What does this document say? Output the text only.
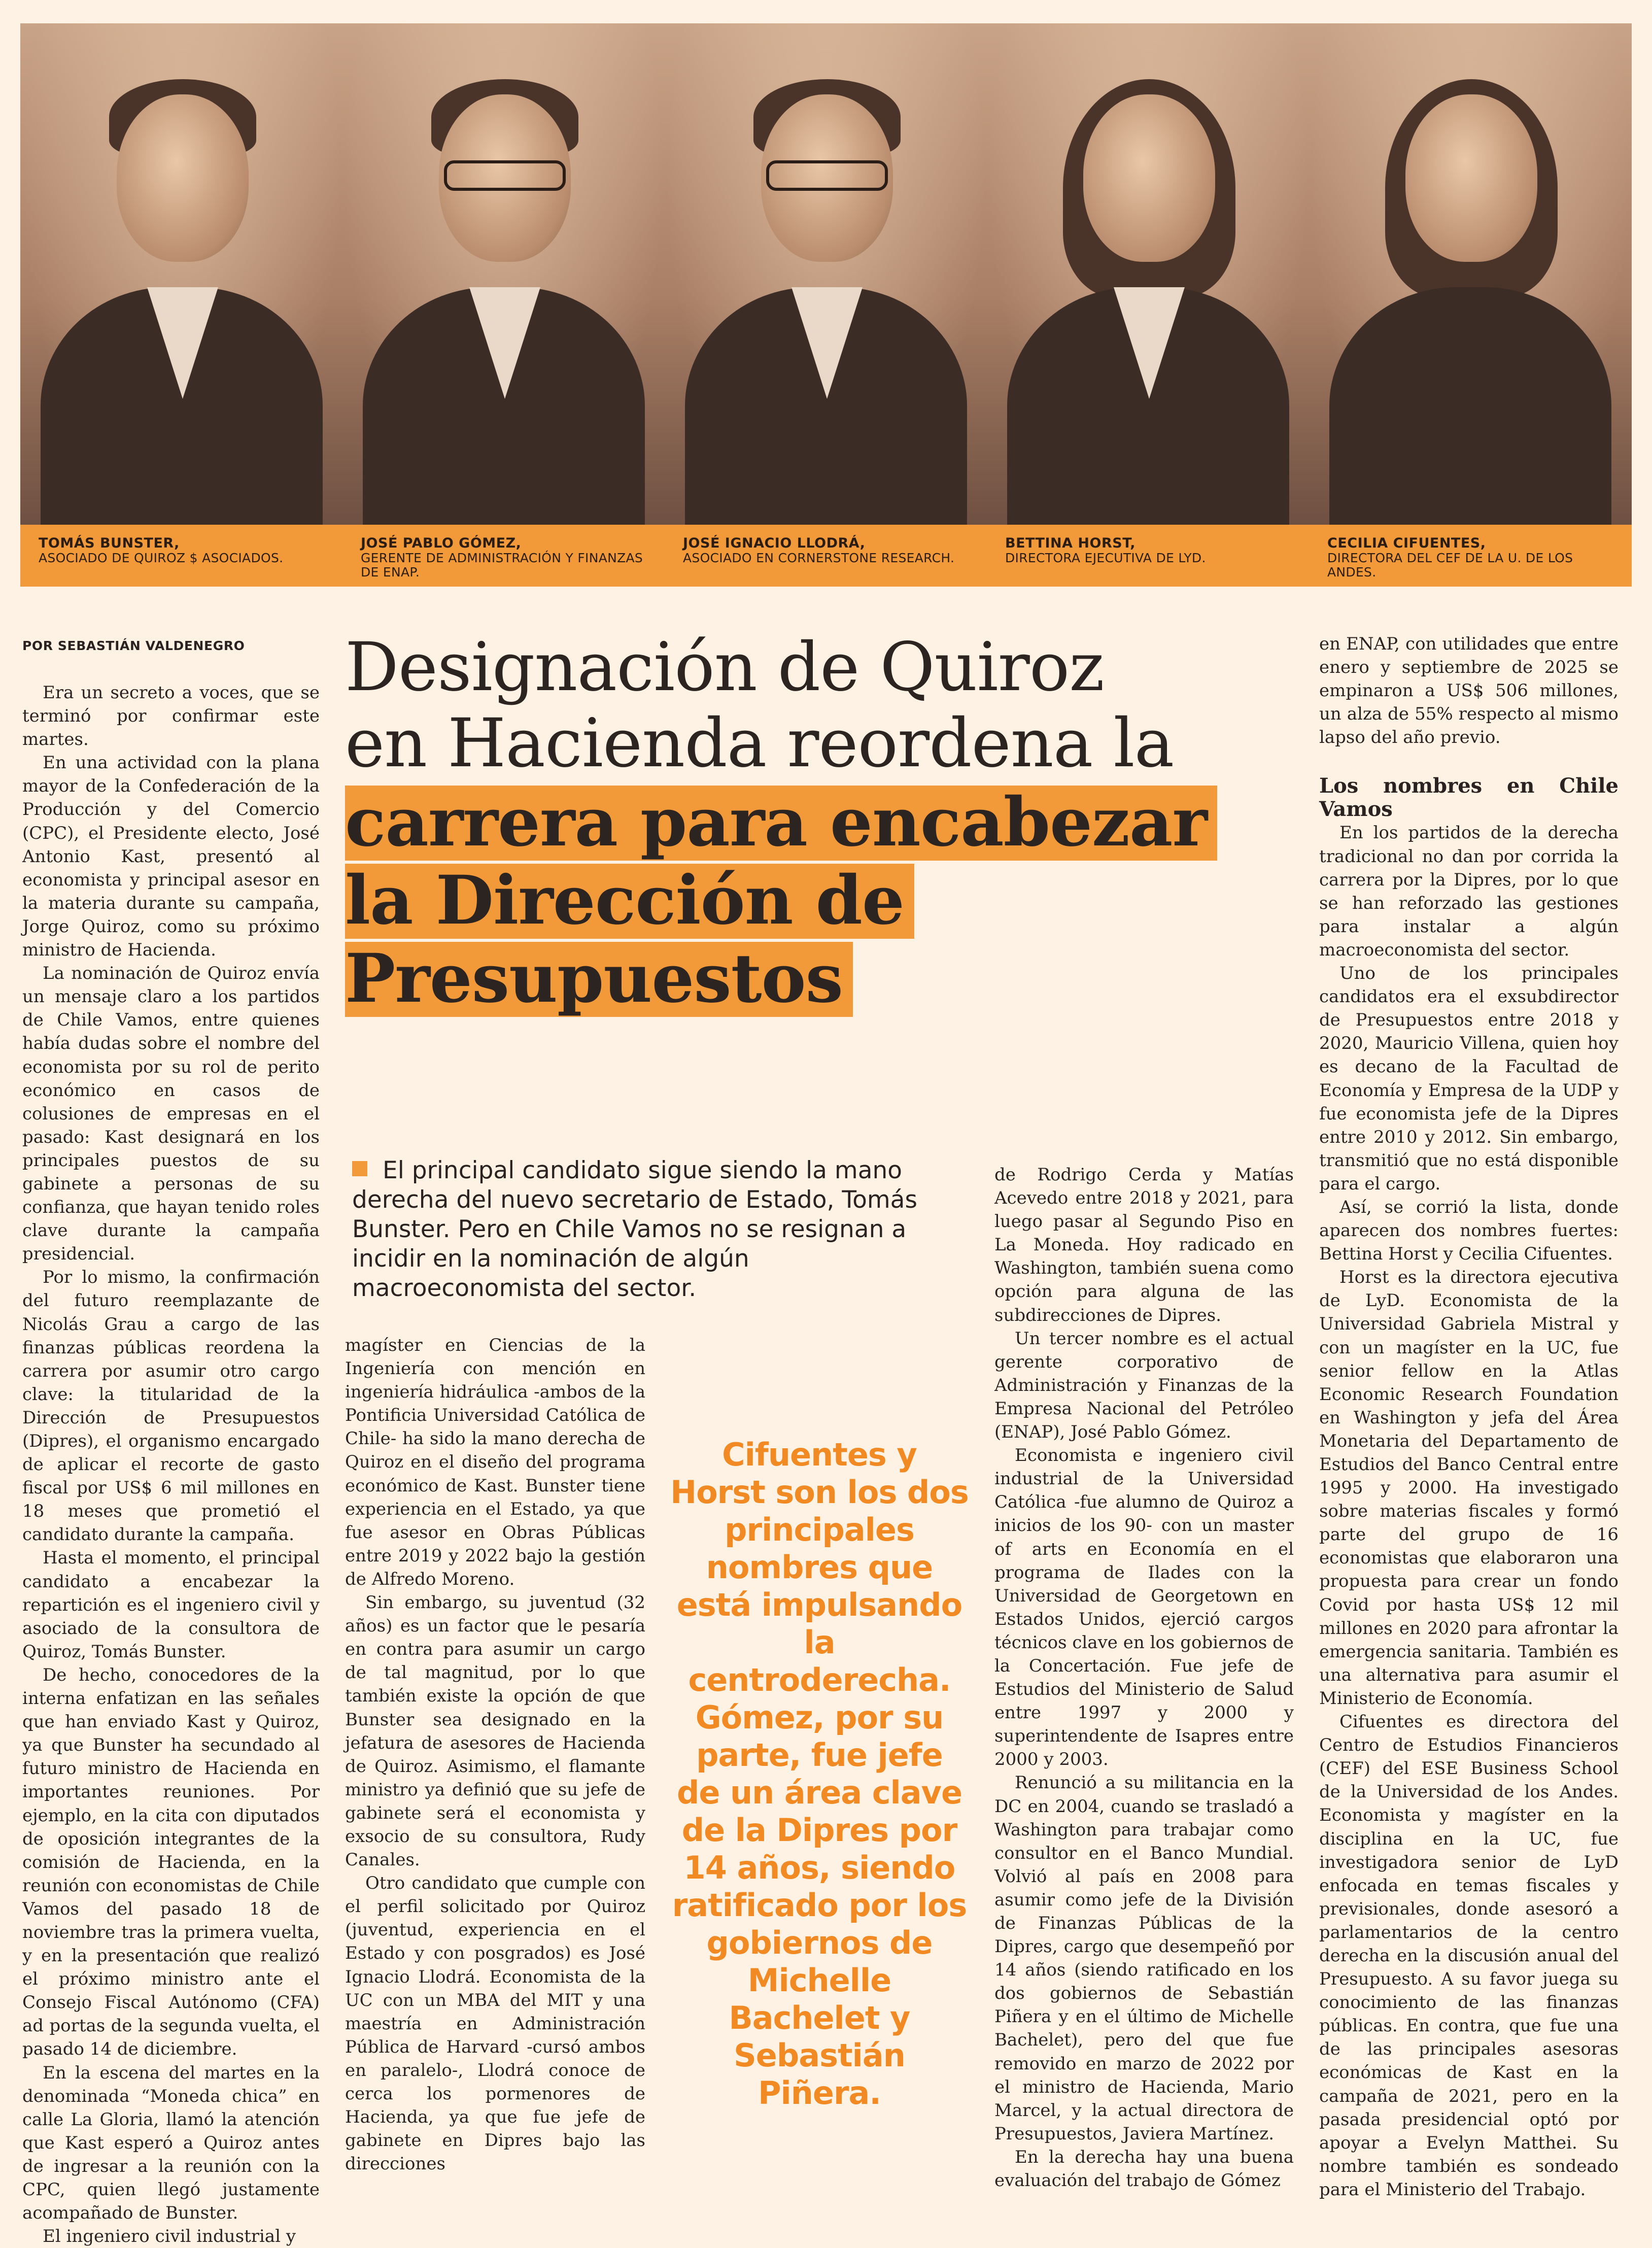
TOMÁS BUNSTER,
ASOCIADO DE QUIROZ $ ASOCIADOS.
JOSÉ PABLO GÓMEZ,
GERENTE DE ADMINISTRACIÓN Y FINANZAS DE ENAP.
JOSÉ IGNACIO LLODRÁ,
ASOCIADO EN CORNERSTONE RESEARCH.
BETTINA HORST,
DIRECTORA EJECUTIVA DE LYD.
CECILIA CIFUENTES,
DIRECTORA DEL CEF DE LA U. DE LOS ANDES.
POR SEBASTIÁN VALDENEGRO

Era un secreto a voces, que se terminó por confirmar este martes.

En una actividad con la plana mayor de la Confederación de la Producción y del Comercio (CPC), el Presidente electo, José Antonio Kast, presentó al economista y principal asesor en la materia durante su campaña, Jorge Quiroz, como su próximo ministro de Hacienda.

La nominación de Quiroz envía un mensaje claro a los partidos de Chile Vamos, entre quienes había dudas sobre el nombre del economista por su rol de perito económico en casos de colusiones de empresas en el pasado: Kast designará en los principales puestos de su gabinete a personas de su confianza, que hayan tenido roles clave durante la campaña presidencial.

Por lo mismo, la confirmación del futuro reemplazante de Nicolás Grau a cargo de las finanzas públicas reordena la carrera por asumir otro cargo clave: la titularidad de la Dirección de Presupuestos (Dipres), el organismo encargado de aplicar el recorte de gasto fiscal por US$ 6 mil millones en 18 meses que prometió el candidato durante la campaña.

Hasta el momento, el principal candidato a encabezar la repartición es el ingeniero civil y asociado de la consultora de Quiroz, Tomás Bunster.

De hecho, conocedores de la interna enfatizan en las señales que han enviado Kast y Quiroz, ya que Bunster ha secundado al futuro ministro de Hacienda en importantes reuniones. Por ejemplo, en la cita con diputados de oposición integrantes de la comisión de Hacienda, en la reunión con economistas de Chile Vamos del pasado 18 de noviembre tras la primera vuelta, y en la presentación que realizó el próximo ministro ante el Consejo Fiscal Autónomo (CFA) ad portas de la segunda vuelta, el pasado 14 de diciembre.

En la escena del martes en la denominada “Moneda chica” en calle La Gloria, llamó la atención que Kast esperó a Quiroz antes de ingresar a la reunión con la CPC, quien llegó justamente acompañado de Bunster.

El ingeniero civil industrial y

Designación de Quiroz
en Hacienda reordena la
carrera para encabezar
la Dirección de
Presupuestos
El principal candidato sigue siendo la mano derecha del nuevo secretario de Estado, Tomás Bunster. Pero en Chile Vamos no se resignan a incidir en la nominación de algún macroeconomista del sector.

magíster en Ciencias de la Ingeniería con mención en ingeniería hidráulica -ambos de la Pontificia Universidad Católica de Chile- ha sido la mano derecha de Quiroz en el diseño del programa económico de Kast. Bunster tiene experiencia en el Estado, ya que fue asesor en Obras Públicas entre 2019 y 2022 bajo la gestión de Alfredo Moreno.

Sin embargo, su juventud (32 años) es un factor que le pesaría en contra para asumir un cargo de tal magnitud, por lo que también existe la opción de que Bunster sea designado en la jefatura de asesores de Hacienda de Quiroz. Asimismo, el flamante ministro ya definió que su jefe de gabinete será el economista y exsocio de su consultora, Rudy Canales.

Otro candidato que cumple con el perfil solicitado por Quiroz (juventud, experiencia en el Estado y con posgrados) es José Ignacio Llodrá. Economista de la UC con un MBA del MIT y una maestría en Administración Pública de Harvard -cursó ambos en paralelo-, Llodrá conoce de cerca los pormenores de Hacienda, ya que fue jefe de gabinete en Dipres bajo las direcciones

Cifuentes y Horst son los dos principales nombres que está impulsando la centroderecha. Gómez, por su parte, fue jefe de un área clave de la Dipres por 14 años, siendo ratificado por los gobiernos de Michelle Bachelet y Sebastián Piñera.

de Rodrigo Cerda y Matías Acevedo entre 2018 y 2021, para luego pasar al Segundo Piso en La Moneda. Hoy radicado en Washington, también suena como opción para alguna de las subdirecciones de Dipres.

Un tercer nombre es el actual gerente corporativo de Administración y Finanzas de la Empresa Nacional del Petróleo (ENAP), José Pablo Gómez.

Economista e ingeniero civil industrial de la Universidad Católica -fue alumno de Quiroz a inicios de los 90- con un master of arts en Economía en el programa de Ilades con la Universidad de Georgetown en Estados Unidos, ejerció cargos técnicos clave en los gobiernos de la Concertación. Fue jefe de Estudios del Ministerio de Salud entre 1997 y 2000 y superintendente de Isapres entre 2000 y 2003.

Renunció a su militancia en la DC en 2004, cuando se trasladó a Washington para trabajar como consultor en el Banco Mundial. Volvió al país en 2008 para asumir como jefe de la División de Finanzas Públicas de la Dipres, cargo que desempeñó por 14 años (siendo ratificado en los dos gobiernos de Sebastián Piñera y en el último de Michelle Bachelet), pero del que fue removido en marzo de 2022 por el ministro de Hacienda, Mario Marcel, y la actual directora de Presupuestos, Javiera Martínez.

En la derecha hay una buena evaluación del trabajo de Gómez

en ENAP, con utilidades que entre enero y septiembre de 2025 se empinaron a US$ 506 millones, un alza de 55% respecto al mismo lapso del año previo.

Los nombres en Chile Vamos

En los partidos de la derecha tradicional no dan por corrida la carrera por la Dipres, por lo que se han reforzado las gestiones para instalar a algún macroeconomista del sector.

Uno de los principales candidatos era el exsubdirector de Presupuestos entre 2018 y 2020, Mauricio Villena, quien hoy es decano de la Facultad de Economía y Empresa de la UDP y fue economista jefe de la Dipres entre 2010 y 2012. Sin embargo, transmitió que no está disponible para el cargo.

Así, se corrió la lista, donde aparecen dos nombres fuertes: Bettina Horst y Cecilia Cifuentes.

Horst es la directora ejecutiva de LyD. Economista de la Universidad Gabriela Mistral y con un magíster en la UC, fue senior fellow en la Atlas Economic Research Foundation en Washington y jefa del Área Monetaria del Departamento de Estudios del Banco Central entre 1995 y 2000. Ha investigado sobre materias fiscales y formó parte del grupo de 16 economistas que elaboraron una propuesta para crear un fondo Covid por hasta US$ 12 mil millones en 2020 para afrontar la emergencia sanitaria. También es una alternativa para asumir el Ministerio de Economía.

Cifuentes es directora del Centro de Estudios Financieros (CEF) del ESE Business School de la Universidad de los Andes. Economista y magíster en la disciplina en la UC, fue investigadora senior de LyD enfocada en temas fiscales y previsionales, donde asesoró a parlamentarios de la centro derecha en la discusión anual del Presupuesto. A su favor juega su conocimiento de las finanzas públicas. En contra, que fue una de las principales asesoras económicas de Kast en la campaña de 2021, pero en la pasada presidencial optó por apoyar a Evelyn Matthei. Su nombre también es sondeado para el Ministerio del Trabajo.
